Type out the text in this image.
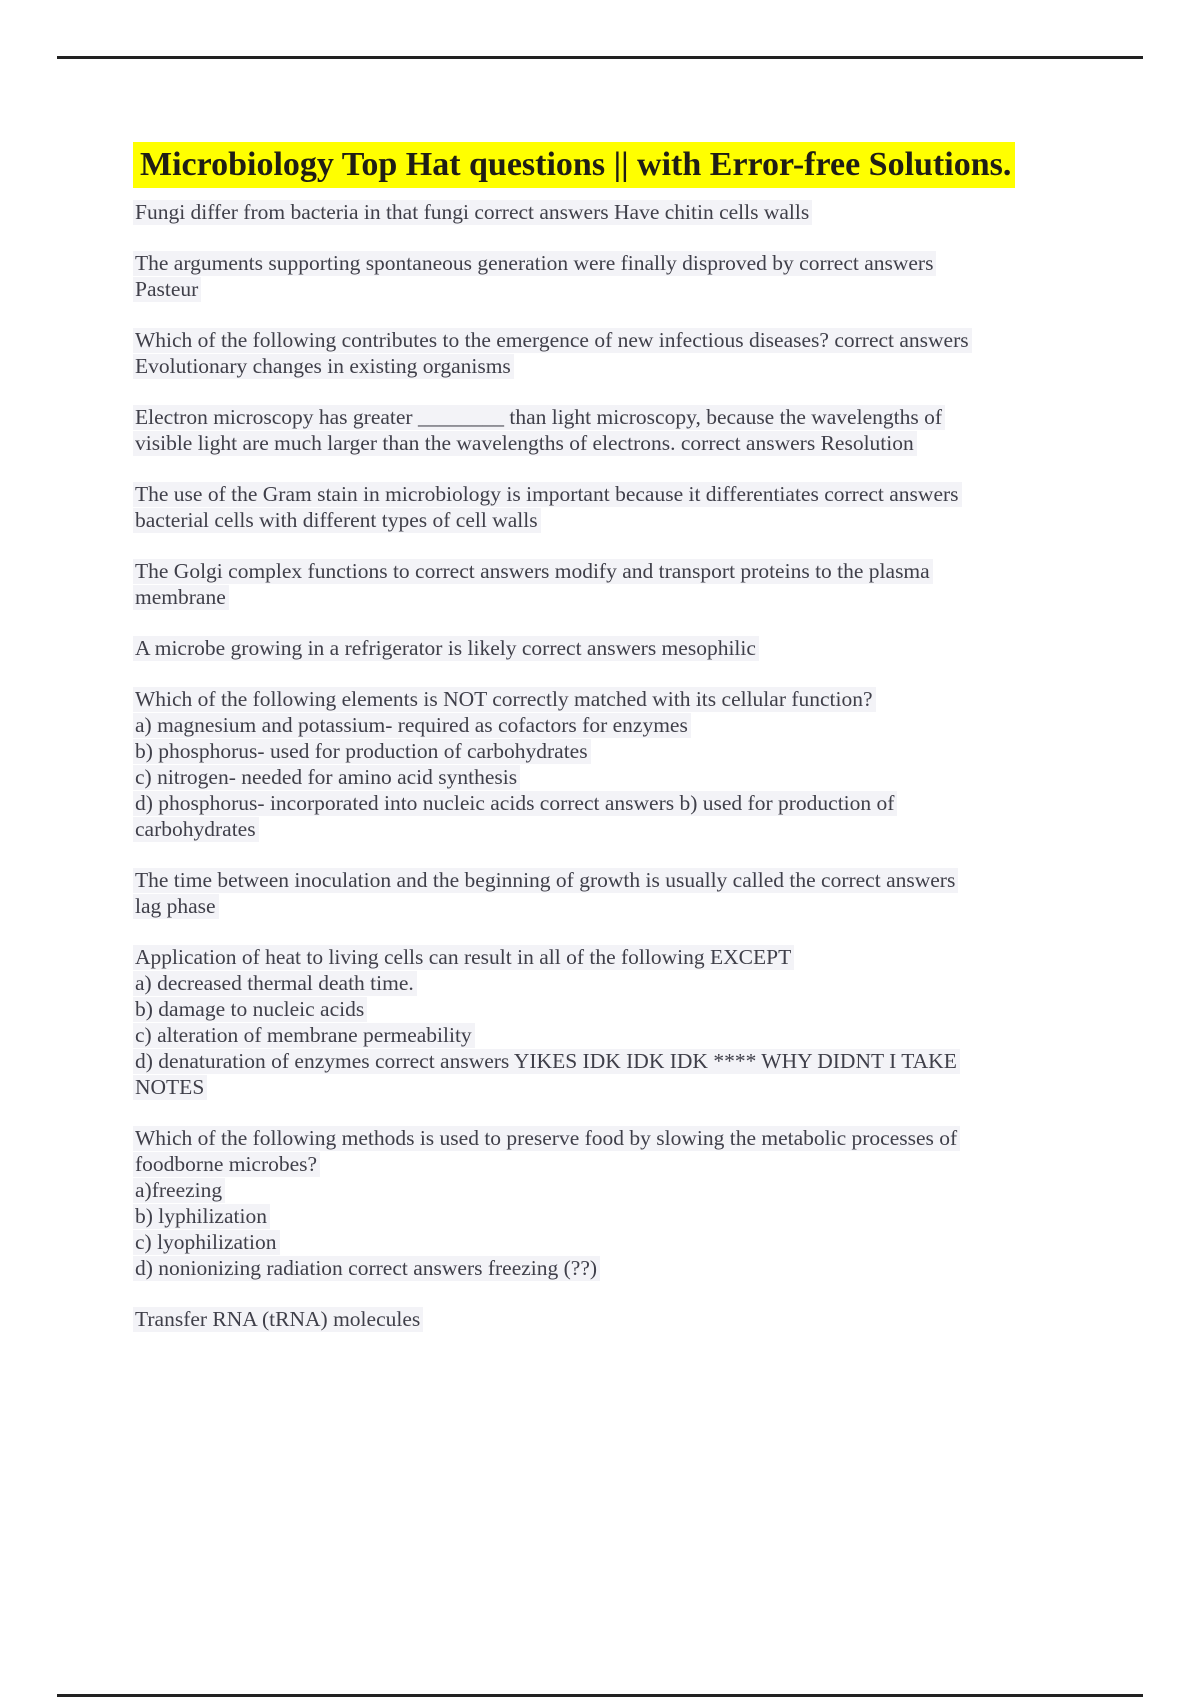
Microbiology Top Hat questions || with Error-free Solutions.
Fungi differ from bacteria in that fungi correct answers Have chitin cells walls
The arguments supporting spontaneous generation were finally disproved by correct answers
Pasteur
Which of the following contributes to the emergence of new infectious diseases? correct answers
Evolutionary changes in existing organisms
Electron microscopy has greater ________ than light microscopy, because the wavelengths of
visible light are much larger than the wavelengths of electrons. correct answers Resolution
The use of the Gram stain in microbiology is important because it differentiates correct answers
bacterial cells with different types of cell walls
The Golgi complex functions to correct answers modify and transport proteins to the plasma
membrane
A microbe growing in a refrigerator is likely correct answers mesophilic
Which of the following elements is NOT correctly matched with its cellular function?
a) magnesium and potassium- required as cofactors for enzymes
b) phosphorus- used for production of carbohydrates
c) nitrogen- needed for amino acid synthesis
d) phosphorus- incorporated into nucleic acids correct answers b) used for production of
carbohydrates
The time between inoculation and the beginning of growth is usually called the correct answers
lag phase
Application of heat to living cells can result in all of the following EXCEPT
a) decreased thermal death time.
b) damage to nucleic acids
c) alteration of membrane permeability
d) denaturation of enzymes correct answers YIKES IDK IDK IDK **** WHY DIDNT I TAKE
NOTES
Which of the following methods is used to preserve food by slowing the metabolic processes of
foodborne microbes?
a)freezing
b) lyphilization
c) lyophilization
d) nonionizing radiation correct answers freezing (??)
Transfer RNA (tRNA) molecules
